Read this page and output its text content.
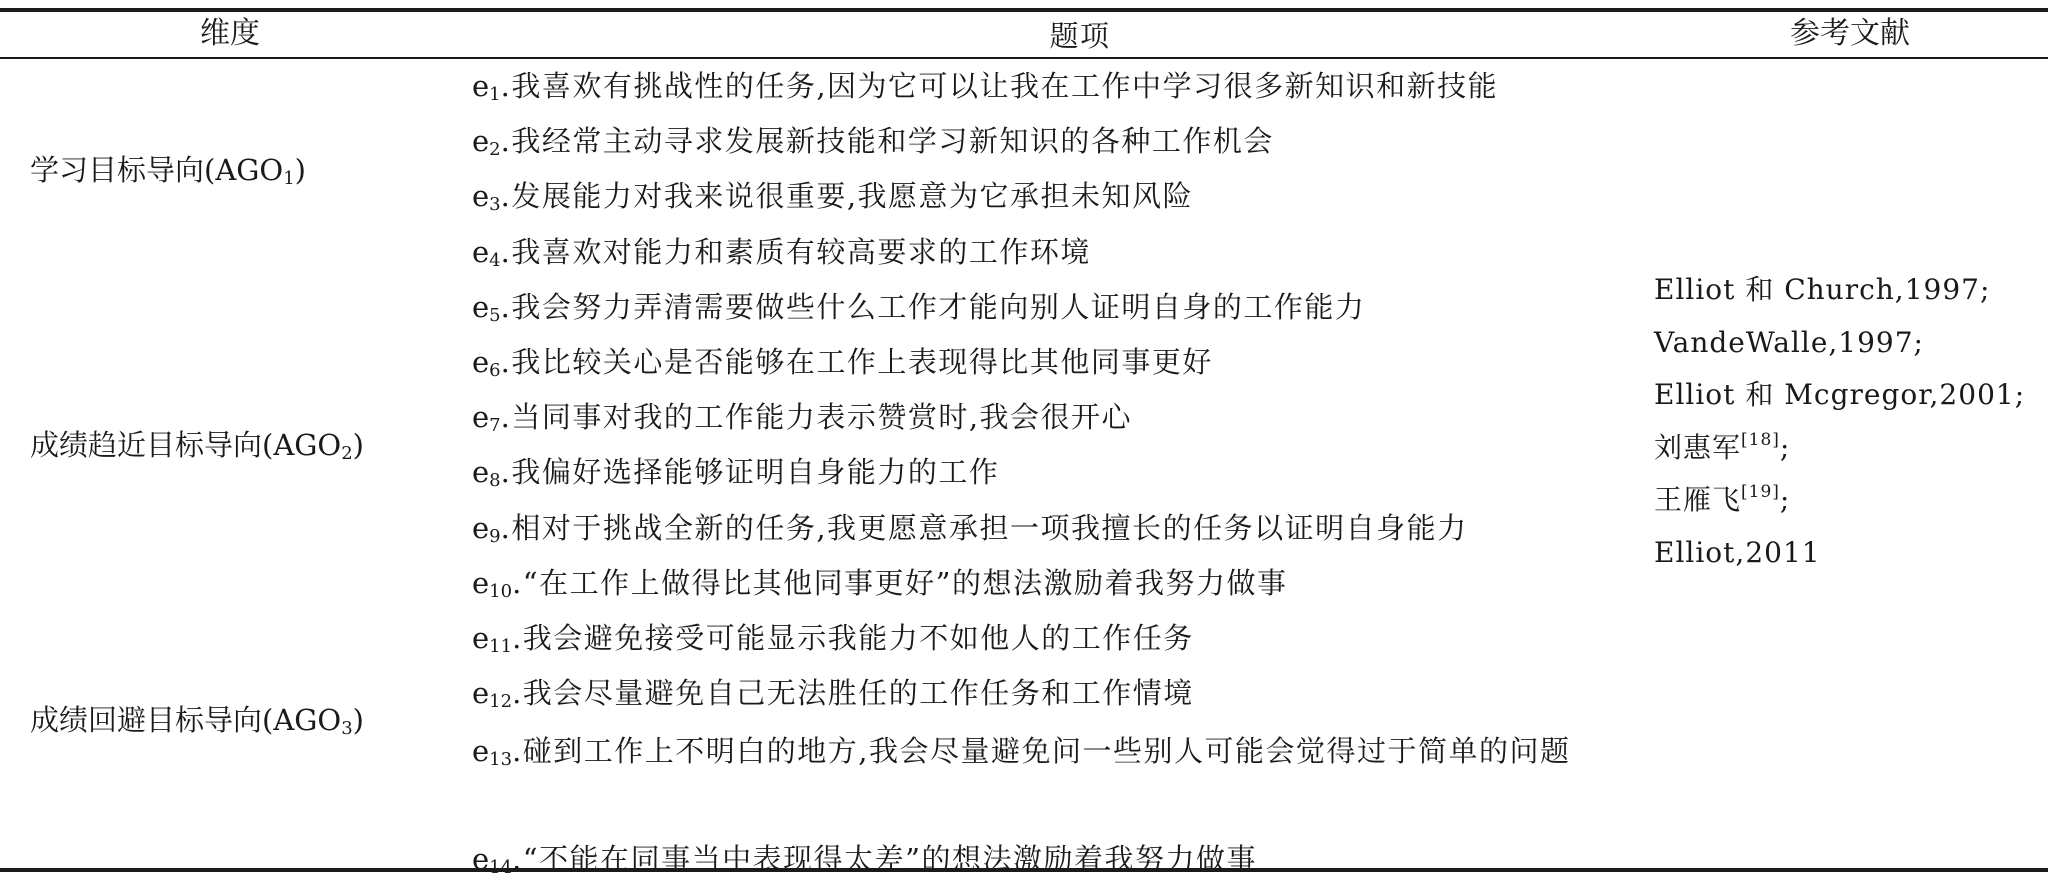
维度	题项	参考文献
学习目标导向$(AGO_1)$
成绩趋近目标导向$(AGO_2)$
成绩回避目标导向$(AGO_3)$
$e_1$.我喜欢有挑战性的任务,因为它可以让我在工作中学习很多新知识和新技能
$e_2$.我经常主动寻求发展新技能和学习新知识的各种工作机会
$e_3$.发展能力对我来说很重要,我愿意为它承担未知风险
$e_4$.我喜欢对能力和素质有较高要求的工作环境
$e_5$.我会努力弄清需要做些什么工作才能向别人证明自身的工作能力
$e_6$.我比较关心是否能够在工作上表现得比其他同事更好
$e_7$.当同事对我的工作能力表示赞赏时,我会很开心
$e_8$.我偏好选择能够证明自身能力的工作
$e_9$.相对于挑战全新的任务,我更愿意承担一项我擅长的任务以证明自身能力
$e_{10}.“$在工作上做得比其他同事更好”的想法激励着我努力做事
$e_{11}$.我会避免接受可能显示我能力不如他人的工作任务
$e_{12}$.我会尽量避免自己无法胜任的工作任务和工作情境
$e_{13}$.碰到工作上不明白的地方,我会尽量避免问一些别人可能会觉得过于简单的问题
$e_{14}.“$不能在同事当中表现得太差”的想法激励着我努力做事
Elliot 和 Church,1997;
VandeWalle,1997;
Elliot 和 Mcgregor,2001;
刘惠军[18];
王雁飞[19];
Elliot,2011
